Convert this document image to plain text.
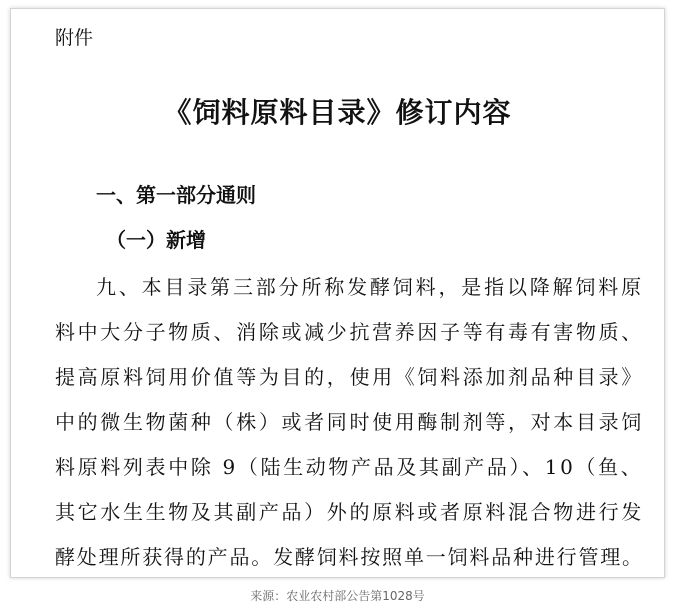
附件
《饲料原料目录》修订内容
一、第一部分通则
（一）新增
九、本目录第三部分所称发酵饲料，是指以降解饲料原
料中大分子物质、消除或减少抗营养因子等有毒有害物质、
提高原料饲用价值等为目的，使用《饲料添加剂品种目录》
中的微生物菌种（株）或者同时使用酶制剂等，对本目录饲
料原料列表中除 9（陆生动物产品及其副产品）、10（鱼、
其它水生生物及其副产品）外的原料或者原料混合物进行发
酵处理所获得的产品。发酵饲料按照单一饲料品种进行管理。
来源：农业农村部公告第1028号
